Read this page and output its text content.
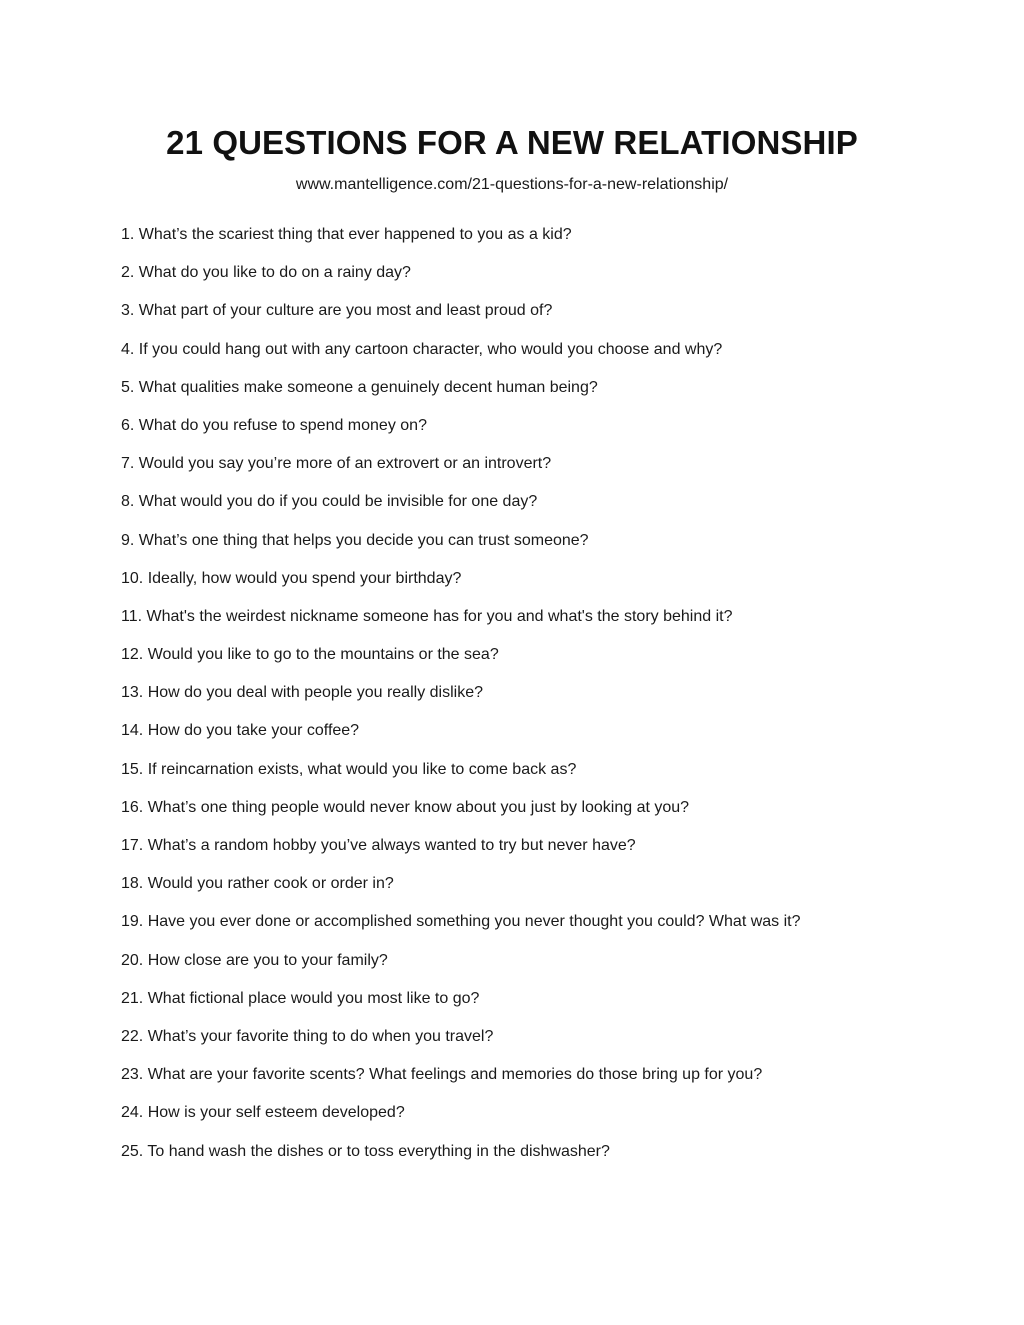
21 QUESTIONS FOR A NEW RELATIONSHIP
www.mantelligence.com/21-questions-for-a-new-relationship/
1. What’s the scariest thing that ever happened to you as a kid?
2. What do you like to do on a rainy day?
3. What part of your culture are you most and least proud of?
4. If you could hang out with any cartoon character, who would you choose and why?
5. What qualities make someone a genuinely decent human being?
6. What do you refuse to spend money on?
7. Would you say you’re more of an extrovert or an introvert?
8. What would you do if you could be invisible for one day?
9. What’s one thing that helps you decide you can trust someone?
10. Ideally, how would you spend your birthday?
11. What's the weirdest nickname someone has for you and what's the story behind it?
12. Would you like to go to the mountains or the sea?
13. How do you deal with people you really dislike?
14. How do you take your coffee?
15. If reincarnation exists, what would you like to come back as?
16. What’s one thing people would never know about you just by looking at you?
17. What’s a random hobby you’ve always wanted to try but never have?
18. Would you rather cook or order in?
19. Have you ever done or accomplished something you never thought you could? What was it?
20. How close are you to your family?
21. What fictional place would you most like to go?
22. What’s your favorite thing to do when you travel?
23. What are your favorite scents? What feelings and memories do those bring up for you?
24. How is your self esteem developed?
25. To hand wash the dishes or to toss everything in the dishwasher?
